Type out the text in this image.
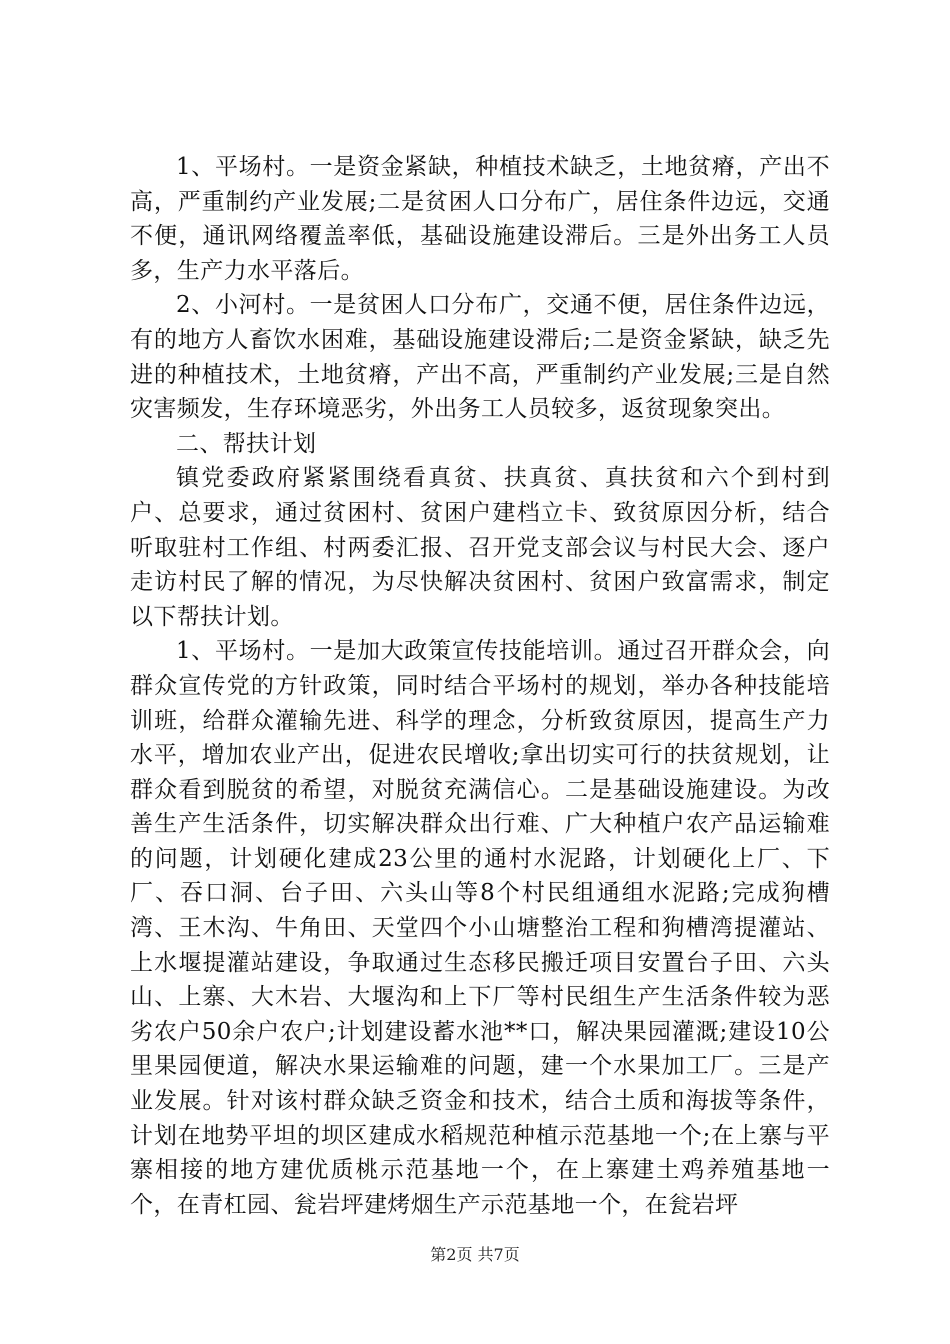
1、平场村。一是资金紧缺，种植技术缺乏，土地贫瘠，产出不高，严重制约产业发展;二是贫困人口分布广，居住条件边远，交通不便，通讯网络覆盖率低，基础设施建设滞后。三是外出务工人员多，生产力水平落后。

2、小河村。一是贫困人口分布广，交通不便，居住条件边远，有的地方人畜饮水困难，基础设施建设滞后;二是资金紧缺，缺乏先进的种植技术，土地贫瘠，产出不高，严重制约产业发展;三是自然灾害频发，生存环境恶劣，外出务工人员较多，返贫现象突出。

二、帮扶计划

镇党委政府紧紧围绕看真贫、扶真贫、真扶贫和六个到村到户、总要求，通过贫困村、贫困户建档立卡、致贫原因分析，结合听取驻村工作组、村两委汇报、召开党支部会议与村民大会、逐户走访村民了解的情况，为尽快解决贫困村、贫困户致富需求，制定以下帮扶计划。

1、平场村。一是加大政策宣传技能培训。通过召开群众会，向群众宣传党的方针政策，同时结合平场村的规划，举办各种技能培训班，给群众灌输先进、科学的理念，分析致贫原因，提高生产力水平，增加农业产出，促进农民增收;拿出切实可行的扶贫规划，让群众看到脱贫的希望，对脱贫充满信心。二是基础设施建设。为改善生产生活条件，切实解决群众出行难、广大种植户农产品运输难的问题，计划硬化建成23公里的通村水泥路，计划硬化上厂、下厂、吞口洞、台子田、六头山等8个村民组通组水泥路;完成狗槽湾、王木沟、牛角田、天堂四个小山塘整治工程和狗槽湾提灌站、上水堰提灌站建设，争取通过生态移民搬迁项目安置台子田、六头山、上寨、大木岩、大堰沟和上下厂等村民组生产生活条件较为恶劣农户50余户农户;计划建设蓄水池**口，解决果园灌溉;建设10公里果园便道，解决水果运输难的问题，建一个水果加工厂。三是产业发展。针对该村群众缺乏资金和技术，结合土质和海拔等条件，计划在地势平坦的坝区建成水稻规范种植示范基地一个;在上寨与平寨相接的地方建优质桃示范基地一个，在上寨建土鸡养殖基地一个，在青杠园、瓮岩坪建烤烟生产示范基地一个，在瓮岩坪

第2页 共7页
